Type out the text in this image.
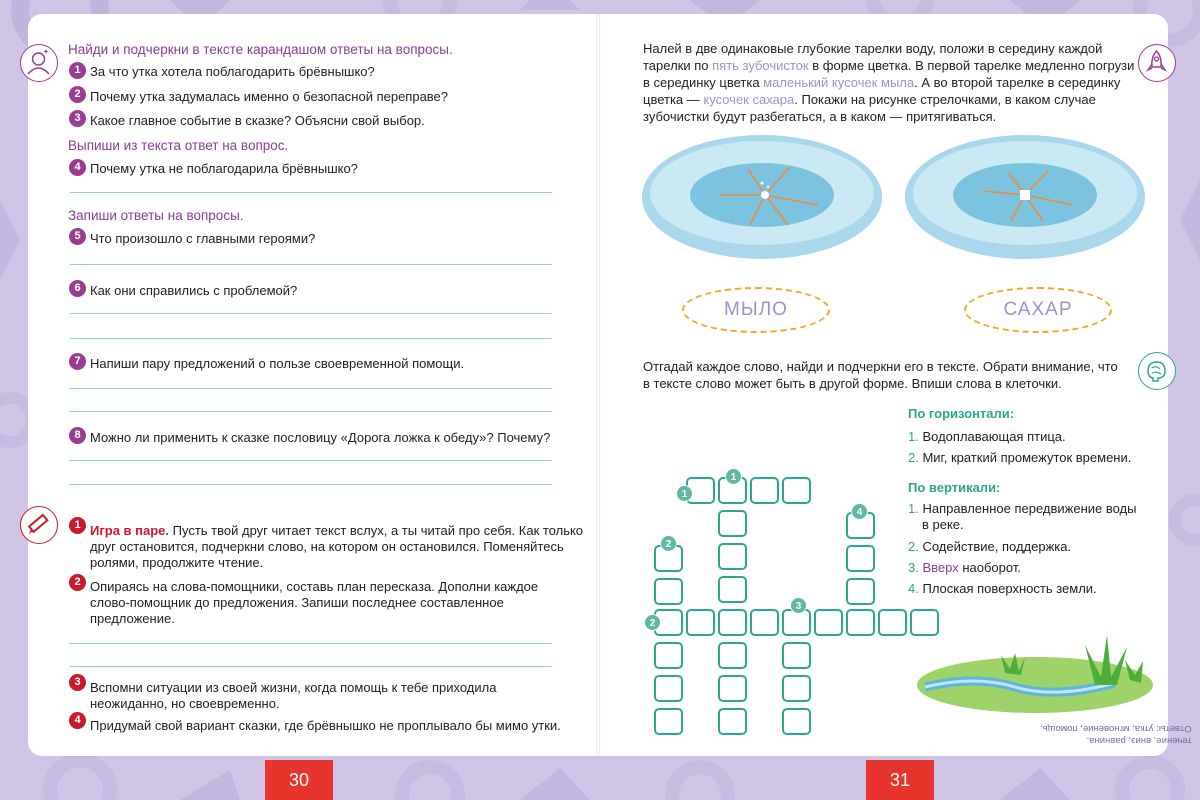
✦ Найди и подчеркни в тексте карандашом ответы на вопросы.
1 За что утка хотела поблагодарить брёвнышко?
2 Почему утка задумалась именно о безопасной переправе?
3 Какое главное событие в сказке? Объясни свой выбор.
Выпиши из текста ответ на вопрос.
4 Почему утка не поблагодарила брёвнышко?
Запиши ответы на вопросы.
5 Что произошло с главными героями?
6 Как они справились с проблемой?
7 Напиши пару предложений о пользе своевременной помощи.
8 Можно ли применить к сказке пословицу «Дорога ложка к обеду»? Почему?
1 Игра в паре. Пусть твой друг читает текст вслух, а ты читай про себя. Как только
друг остановится, подчеркни слово, на котором он остановился. Поменяйтесь
ролями, продолжите чтение.
2 Опираясь на слова-помощники, составь план пересказа. Дополни каждое
слово-помощник до предложения. Запиши последнее составленное
предложение.
3 Вспомни ситуации из своей жизни, когда помощь к тебе приходила
неожиданно, но своевременно.
4 Придумай свой вариант сказки, где брёвнышко не проплывало бы мимо утки.
30
Налей в две одинаковые глубокие тарелки воду, положи в середину каждой
тарелки по пять зубочисток в форме цветка. В первой тарелке медленно погрузи
в серединку цветка маленький кусочек мыла. А во второй тарелке в серединку
цветка — кусочек сахара. Покажи на рисунке стрелочками, в каком случае
зубочистки будут разбегаться, а в каком — притягиваться.
МЫЛО	САХАР
Отгадай каждое слово, найди и подчеркни его в тексте. Обрати внимание, что
в тексте слово может быть в другой форме. Впиши слова в клеточки.
По горизонтали:
1. Водоплавающая птица.
2. Миг, краткий промежуток времени.
По вертикали:
1. Направленное передвижение воды
в реке.
2. Содействие, поддержка.
3. Вверх наоборот.
4. Плоская поверхность земли.
1
1
2
2
3
4
течение, вниз, равнина.
Ответы: утка, мгновение, помощь,
31
